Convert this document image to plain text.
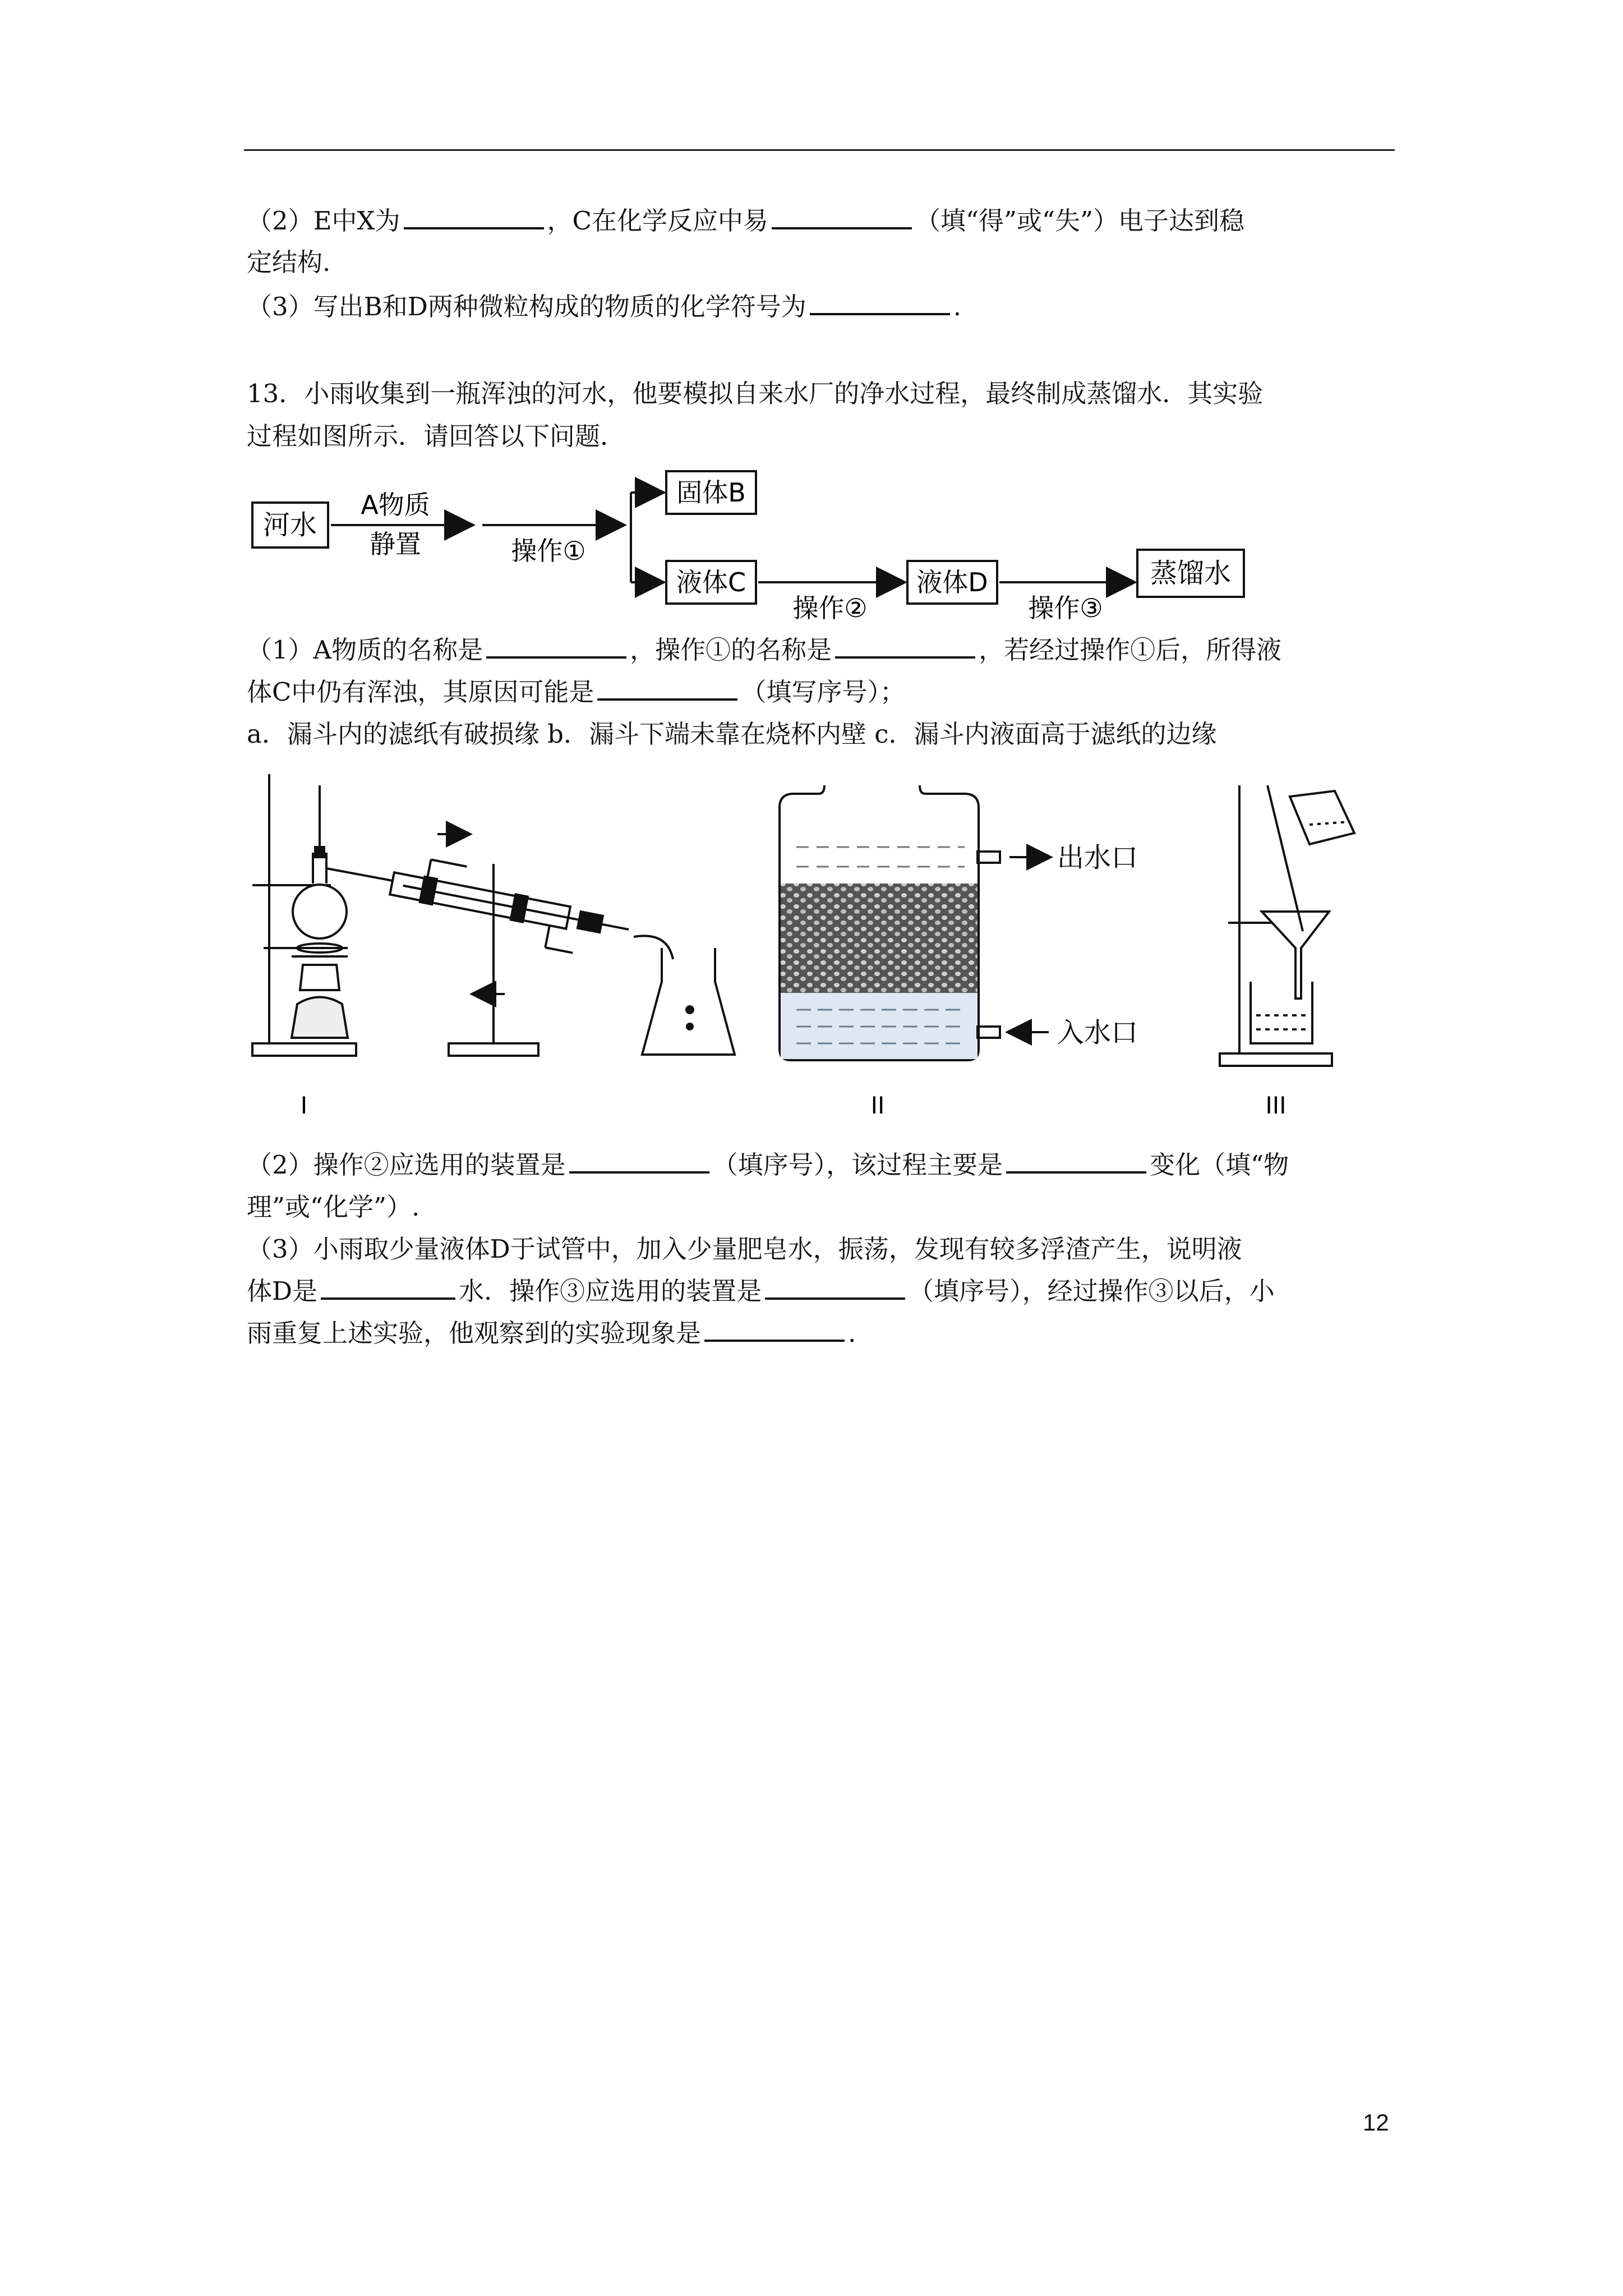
（2）E中X为	，C在化学反应中易	（填“得”或“失”）电子达到稳
定结构.
（3）写出B和D两种微粒构成的物质的化学符号为	.
13．小雨收集到一瓶浑浊的河水，他要模拟自来水厂的净水过程，最终制成蒸馏水．其实验
过程如图所示．请回答以下问题．
河水
A物质
静置	操作①
固体B
液体C
操作②
液体D
操作③
蒸馏水
（1）A物质的名称是	，操作①的名称是	，若经过操作①后，所得液
体C中仍有浑浊，其原因可能是	（填写序号）；
a．漏斗内的滤纸有破损缘 b．漏斗下端未靠在烧杯内壁 c．漏斗内液面高于滤纸的边缘
出水口
入水口
I	II	III
（2）操作②应选用的装置是	（填序号），该过程主要是	变化（填“物
理”或“化学”）.
（3）小雨取少量液体D于试管中，加入少量肥皂水，振荡，发现有较多浮渣产生，说明液
体D是	水．操作③应选用的装置是	（填序号），经过操作③以后，小
雨重复上述实验，他观察到的实验现象是	.
12
